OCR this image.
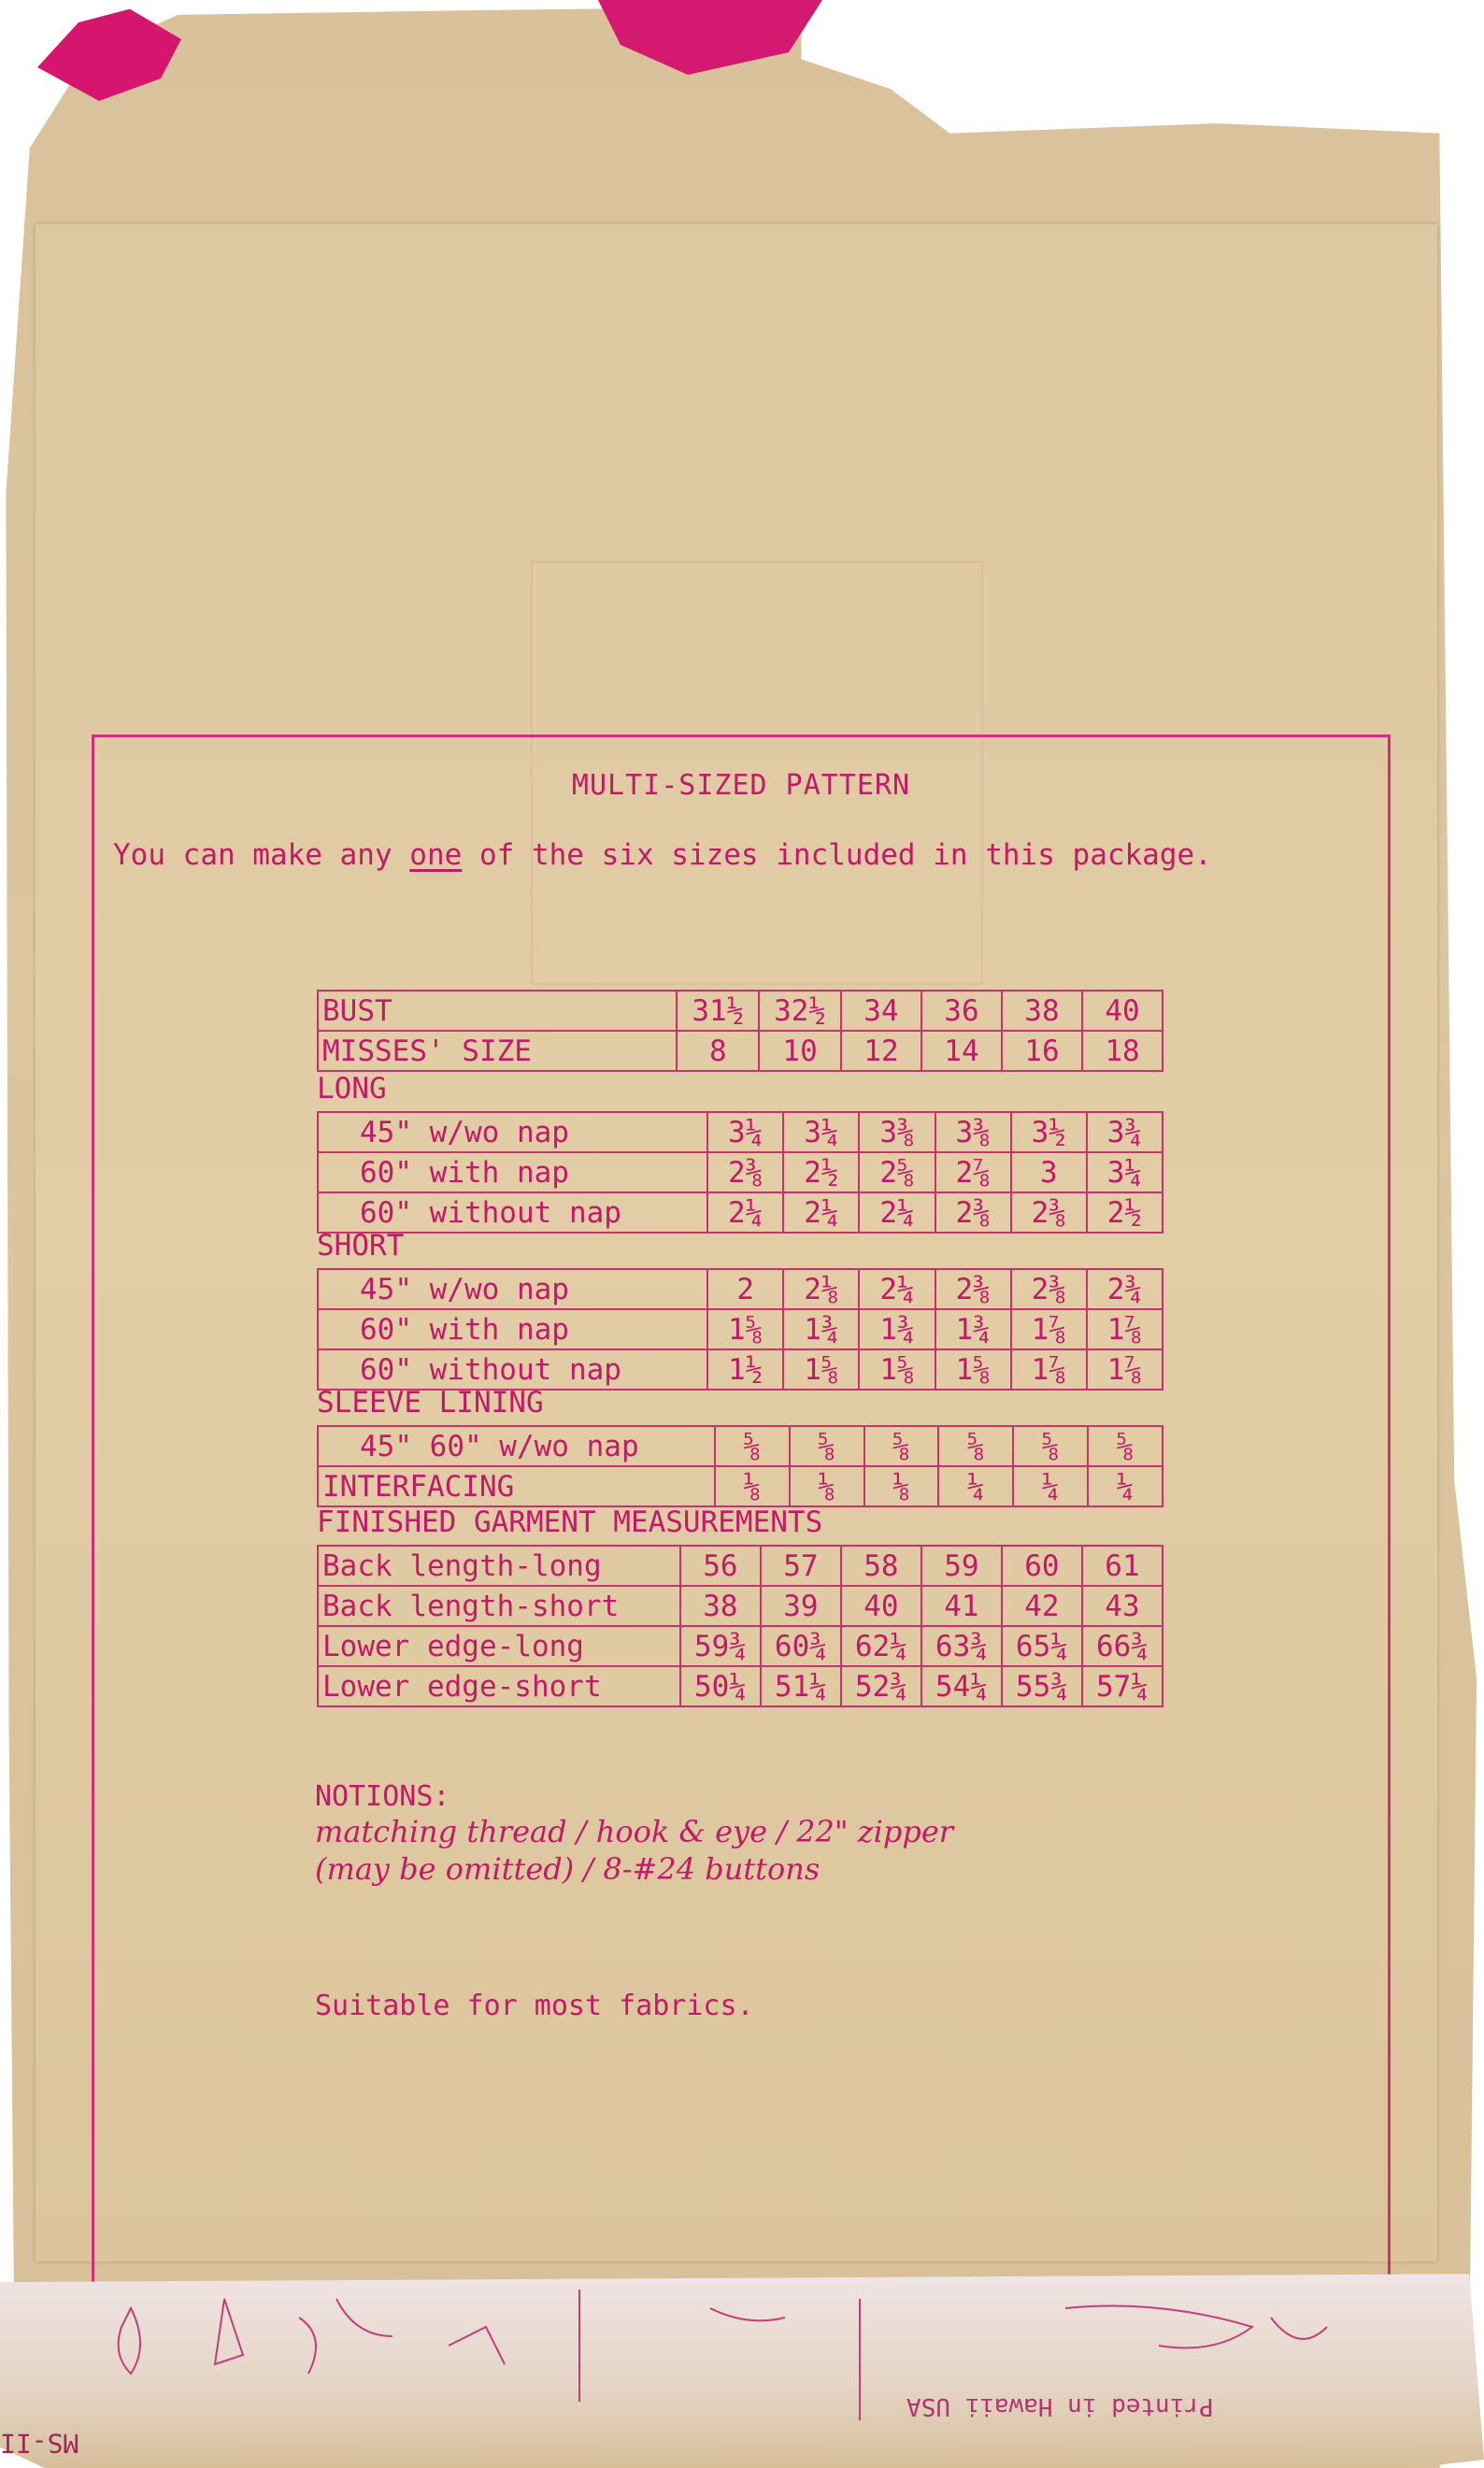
MULTI-SIZED PATTERN
You can make any one of the six sizes included in this package.
BUST	31½	32½	34	36	38	40
MISSES' SIZE	8	10	12	14	16	18
LONG
45" w/wo nap	3¼	3¼	3⅜	3⅜	3½	3¾
60" with nap	2⅜	2½	2⅝	2⅞	3	3¼
60" without nap	2¼	2¼	2¼	2⅜	2⅜	2½
SHORT
45" w/wo nap	2	2⅛	2¼	2⅜	2⅜	2¾
60" with nap	1⅝	1¾	1¾	1¾	1⅞	1⅞
60" without nap	1½	1⅝	1⅝	1⅝	1⅞	1⅞
SLEEVE LINING
45" 60" w/wo nap	⅝	⅝	⅝	⅝	⅝	⅝
INTERFACING	⅛	⅛	⅛	¼	¼	¼
FINISHED GARMENT MEASUREMENTS
Back length-long	56	57	58	59	60	61
Back length-short	38	39	40	41	42	43
Lower edge-long	59¾	60¾	62¼	63¾	65¼	66¾
Lower edge-short	50¼	51¼	52¾	54¼	55¾	57¼
NOTIONS:
matching thread / hook & eye / 22" zipper
(may be omitted) / 8-#24 buttons
Suitable for most fabrics.
Printed in Hawaii USA
MS-II
